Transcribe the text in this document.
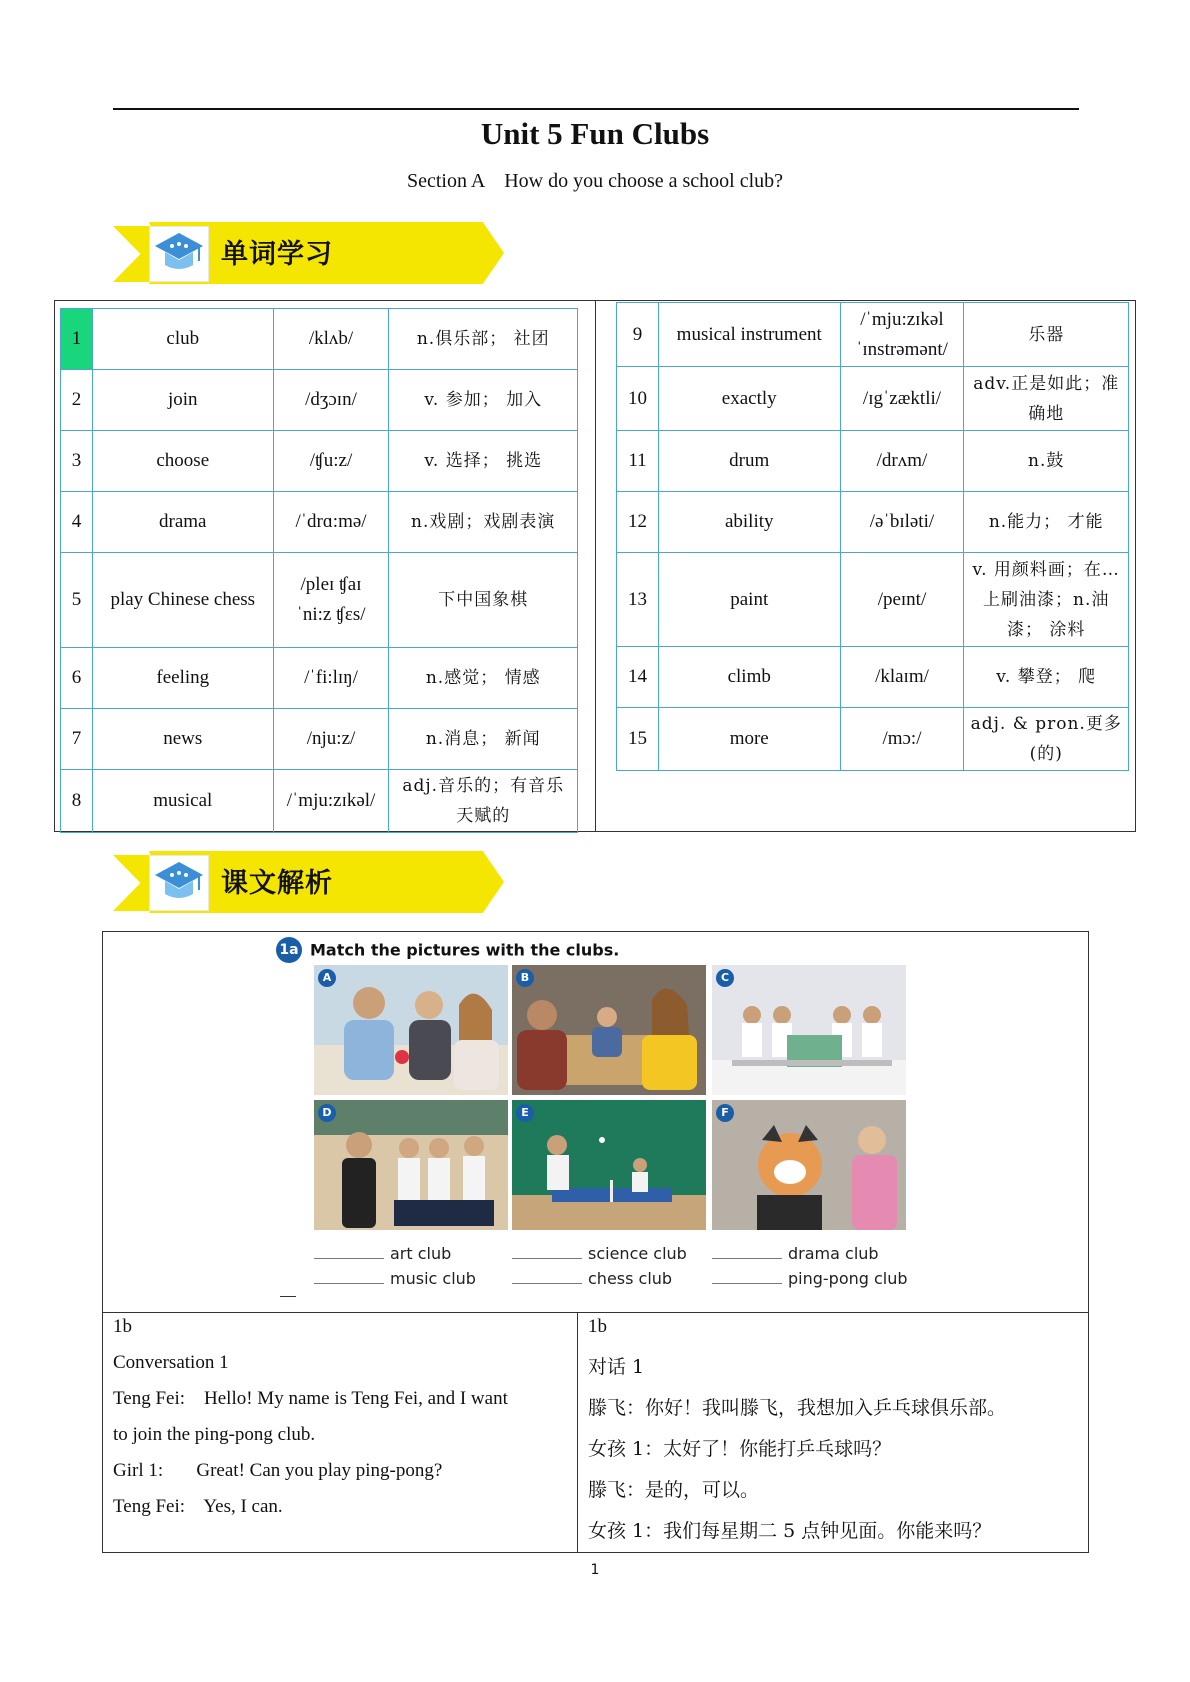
Unit 5 Fun Clubs
Section A    How do you choose a school club?
单词学习
1	club	/klʌb/	n.俱乐部； 社团
2	join	/dʒɔɪn/	v. 参加； 加入
3	choose	/ʧu:z/	v. 选择； 挑选
4	drama	/ˈdrɑ:mə/	n.戏剧；戏剧表演
5	play Chinese chess	/pleɪ ʧaɪˈni:z ʧɛs/	下中国象棋
6	feeling	/ˈfi:lɪŋ/	n.感觉； 情感
7	news	/nju:z/	n.消息； 新闻
8	musical	/ˈmju:zɪkəl/	adj.音乐的；有音乐天赋的
9	musical instrument	/ˈmju:zɪkəl ˈɪnstrəmənt/	乐器
10	exactly	/ɪgˈzæktli/	adv.正是如此；准确地
11	drum	/drʌm/	n.鼓
12	ability	/əˈbɪləti/	n.能力； 才能
13	paint	/peɪnt/	v. 用颜料画；在…上刷油漆；n.油漆； 涂料
14	climb	/klaɪm/	v. 攀登； 爬
15	more	/mɔ:/	adj. & pron.更多(的)
课文解析
1a Match the pictures with the clubs.
A	B	C
D	E	F
art club	science club	drama club
music club	chess club	ping-pong club
1b
Conversation 1
Teng Fei:    Hello! My name is Teng Fei, and I want
to join the ping-pong club.
Girl 1:       Great! Can you play ping-pong?
Teng Fei:    Yes, I can.
1b
对话 1
滕飞：你好！我叫滕飞，我想加入乒乓球俱乐部。
女孩 1：太好了！你能打乒乓球吗？
滕飞：是的，可以。
女孩 1：我们每星期二 5 点钟见面。你能来吗？
1
